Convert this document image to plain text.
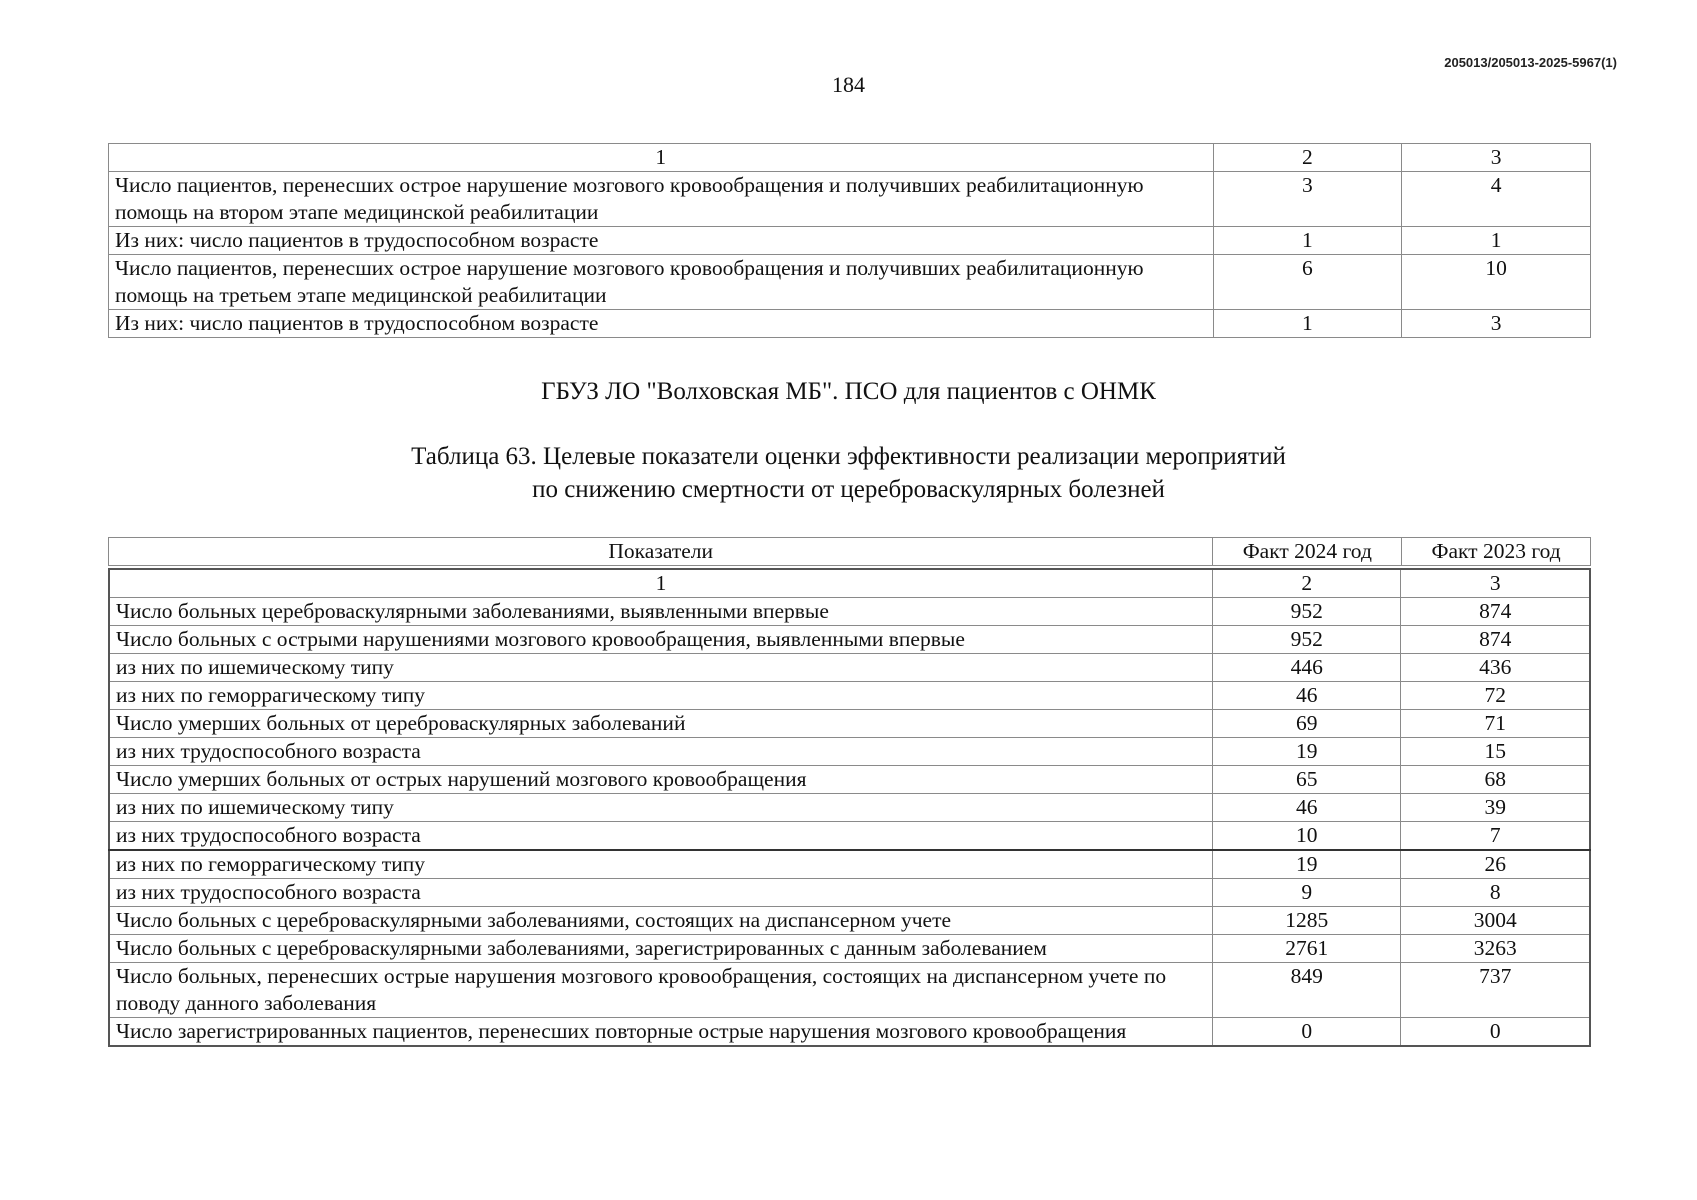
205013/205013-2025-5967(1)
184
1	2	3
Число пациентов, перенесших острое нарушение мозгового кровообращения и получивших реабилитационную помощь на втором этапе медицинской реабилитации	3	4
Из них: число пациентов в трудоспособном возрасте	1	1
Число пациентов, перенесших острое нарушение мозгового кровообращения и получивших реабилитационную помощь на третьем этапе медицинской реабилитации	6	10
Из них: число пациентов в трудоспособном возрасте	1	3
ГБУЗ ЛО "Волховская МБ". ПСО для пациентов с ОНМК
Таблица 63. Целевые показатели оценки эффективности реализации мероприятий
по снижению смертности от цереброваскулярных болезней
Показатели	Факт 2024 год	Факт 2023 год
1	2	3
Число больных цереброваскулярными заболеваниями, выявленными впервые	952	874
Число больных с острыми нарушениями мозгового кровообращения, выявленными впервые	952	874
из них по ишемическому типу	446	436
из них по геморрагическому типу	46	72
Число умерших больных от цереброваскулярных заболеваний	69	71
из них трудоспособного возраста	19	15
Число умерших больных от острых нарушений мозгового кровообращения	65	68
из них по ишемическому типу	46	39
из них трудоспособного возраста	10	7
из них по геморрагическому типу	19	26
из них трудоспособного возраста	9	8
Число больных с цереброваскулярными заболеваниями, состоящих на диспансерном учете	1285	3004
Число больных с цереброваскулярными заболеваниями, зарегистрированных с данным заболеванием	2761	3263
Число больных, перенесших острые нарушения мозгового кровообращения, состоящих на диспансерном учете по поводу данного заболевания	849	737
Число зарегистрированных пациентов, перенесших повторные острые нарушения мозгового кровообращения	0	0
